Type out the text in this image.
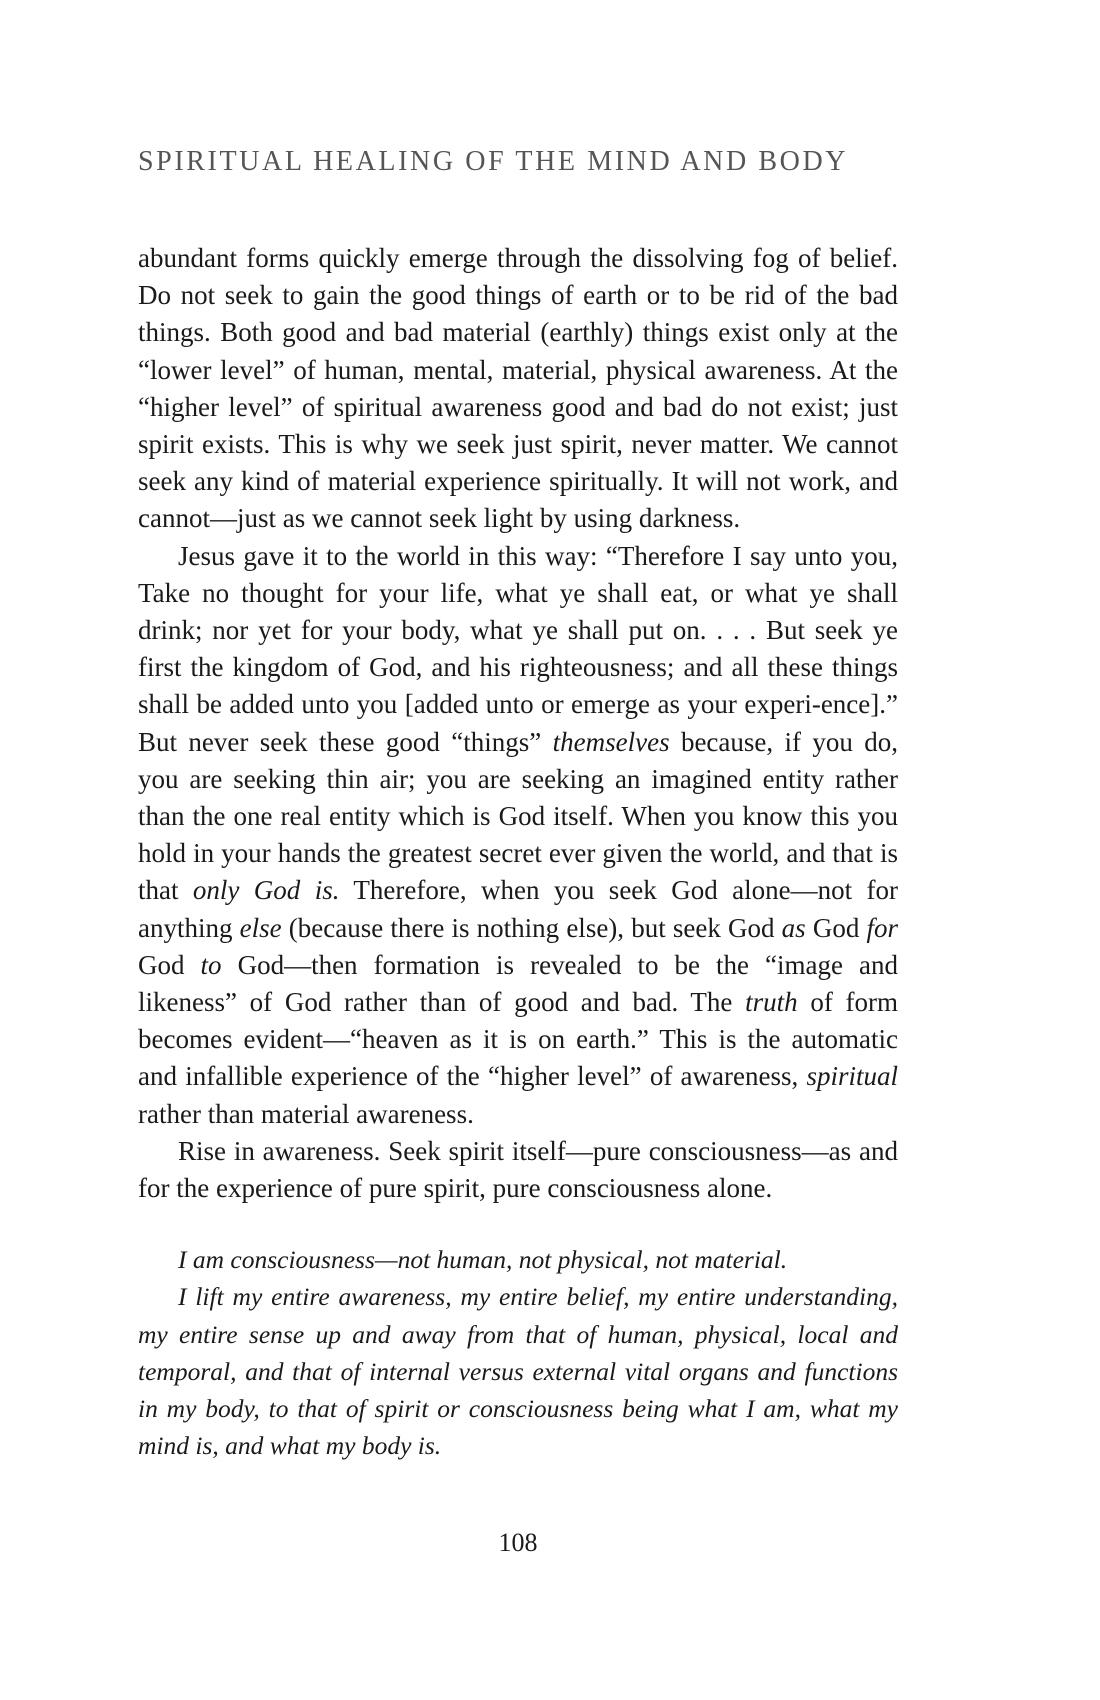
SPIRITUAL HEALING OF THE MIND AND BODY

abundant forms quickly emerge through the dissolving fog of belief. Do not seek to gain the good things of earth or to be rid of the bad things. Both good and bad material (earthly) things exist only at the “lower level” of human, mental, material, physical awareness. At the “higher level” of spiritual awareness good and bad do not exist; just spirit exists. This is why we seek just spirit, never matter. We cannot seek any kind of material experience spiritually. It will not work, and cannot—just as we cannot seek light by using darkness.

Jesus gave it to the world in this way: “Therefore I say unto you, Take no thought for your life, what ye shall eat, or what ye shall drink; nor yet for your body, what ye shall put on. . . . But seek ye first the kingdom of God, and his righteousness; and all these things shall be added unto you [added unto or emerge as your experi-ence].” But never seek these good “things” themselves because, if you do, you are seeking thin air; you are seeking an imagined entity rather than the one real entity which is God itself. When you know this you hold in your hands the greatest secret ever given the world, and that is that only God is. Therefore, when you seek God alone—not for anything else (because there is nothing else), but seek God as God for God to God—then formation is revealed to be the “image and likeness” of God rather than of good and bad. The truth of form becomes evident—“heaven as it is on earth.” This is the automatic and infallible experience of the “higher level” of awareness, spiritual rather than material awareness.

Rise in awareness. Seek spirit itself—pure consciousness—as and for the experience of pure spirit, pure consciousness alone.

I am consciousness—not human, not physical, not material.

I lift my entire awareness, my entire belief, my entire understanding, my entire sense up and away from that of human, physical, local and temporal, and that of internal versus external vital organs and functions in my body, to that of spirit or consciousness being what I am, what my mind is, and what my body is.

108
